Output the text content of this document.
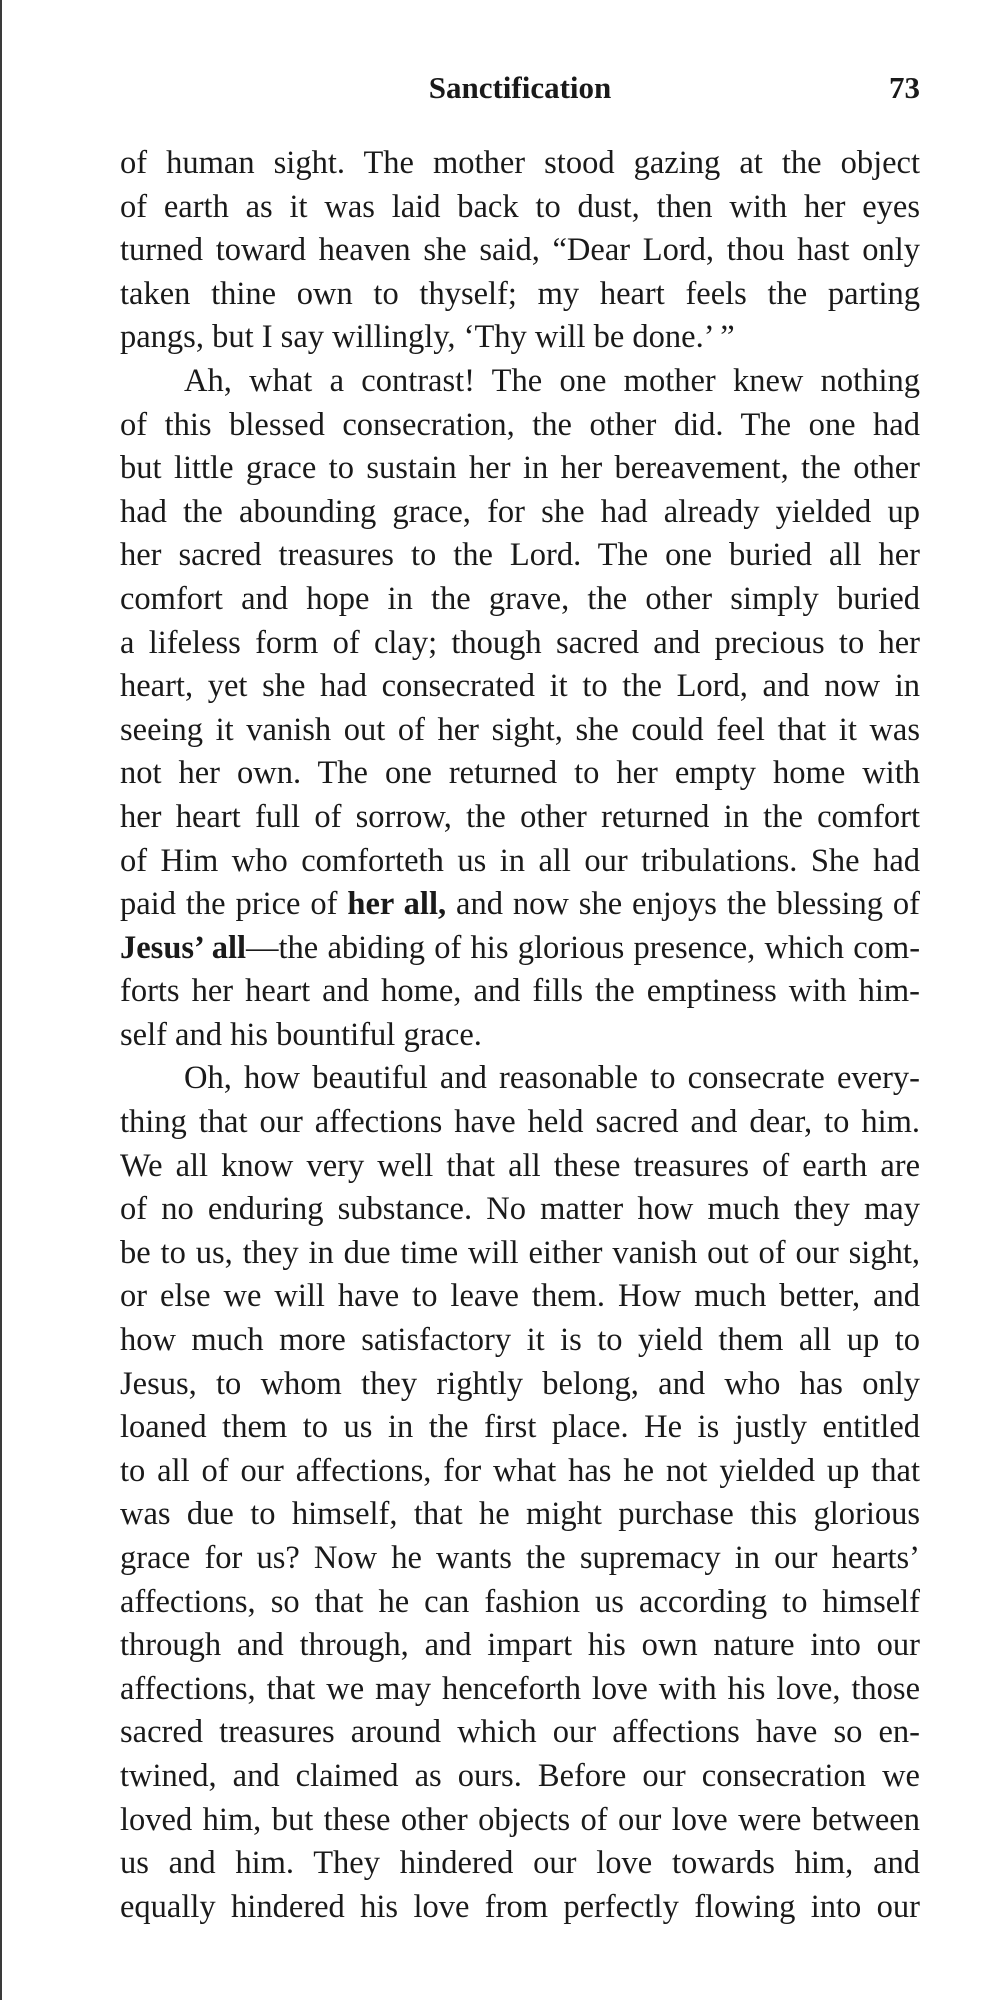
Sanctification	73

of human sight. The mother stood gazing at the object
of earth as it was laid back to dust, then with her eyes
turned toward heaven she said, “Dear Lord, thou hast only
taken thine own to thyself; my heart feels the parting
pangs, but I say willingly, ‘Thy will be done.’ ”

Ah, what a contrast! The one mother knew nothing
of this blessed consecration, the other did. The one had
but little grace to sustain her in her bereavement, the other
had the abounding grace, for she had already yielded up
her sacred treasures to the Lord. The one buried all her
comfort and hope in the grave, the other simply buried
a lifeless form of clay; though sacred and precious to her
heart, yet she had consecrated it to the Lord, and now in
seeing it vanish out of her sight, she could feel that it was
not her own. The one returned to her empty home with
her heart full of sorrow, the other returned in the comfort
of Him who comforteth us in all our tribulations. She had
paid the price of her all, and now she enjoys the blessing of
Jesus’ all—the abiding of his glorious presence, which com-
forts her heart and home, and fills the emptiness with him-
self and his bountiful grace.

Oh, how beautiful and reasonable to consecrate every-
thing that our affections have held sacred and dear, to him.
We all know very well that all these treasures of earth are
of no enduring substance. No matter how much they may
be to us, they in due time will either vanish out of our sight,
or else we will have to leave them. How much better, and
how much more satisfactory it is to yield them all up to
Jesus, to whom they rightly belong, and who has only
loaned them to us in the first place. He is justly entitled
to all of our affections, for what has he not yielded up that
was due to himself, that he might purchase this glorious
grace for us? Now he wants the supremacy in our hearts’
affections, so that he can fashion us according to himself
through and through, and impart his own nature into our
affections, that we may henceforth love with his love, those
sacred treasures around which our affections have so en-
twined, and claimed as ours. Before our consecration we
loved him, but these other objects of our love were between
us and him. They hindered our love towards him, and
equally hindered his love from perfectly flowing into our
